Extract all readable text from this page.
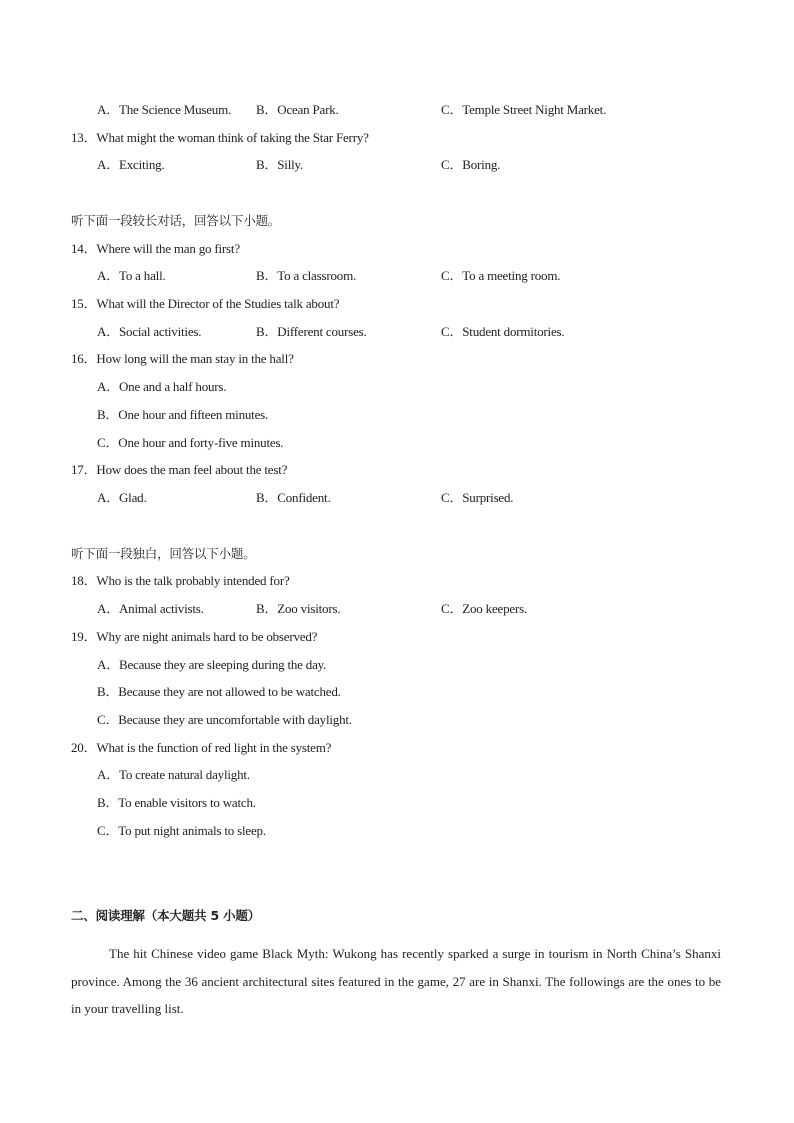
A．The Science Museum. B．Ocean Park.	C．Temple Street Night Market.
13．What might the woman think of taking the Star Ferry?
A．Exciting.	B．Silly.	C．Boring.
听下面一段较长对话，回答以下小题。
14．Where will the man go first?
A．To a hall.	B．To a classroom.	C．To a meeting room.
15．What will the Director of the Studies talk about?
A．Social activities.	B．Different courses.	C．Student dormitories.
16．How long will the man stay in the hall?
A．One and a half hours.
B．One hour and fifteen minutes.
C．One hour and forty-five minutes.
17．How does the man feel about the test?
A．Glad.	B．Confident.	C．Surprised.
听下面一段独白，回答以下小题。
18．Who is the talk probably intended for?
A．Animal activists.	B．Zoo visitors.	C．Zoo keepers.
19．Why are night animals hard to be observed?
A．Because they are sleeping during the day.
B．Because they are not allowed to be watched.
C．Because they are uncomfortable with daylight.
20．What is the function of red light in the system?
A．To create natural daylight.
B．To enable visitors to watch.
C．To put night animals to sleep.
二、阅读理解（本大题共 5 小题）
The hit Chinese video game Black Myth: Wukong has recently sparked a surge in tourism in North China’s Shanxi province. Among the 36 ancient architectural sites featured in the game, 27 are in Shanxi. The followings are the ones to be in your travelling list.
